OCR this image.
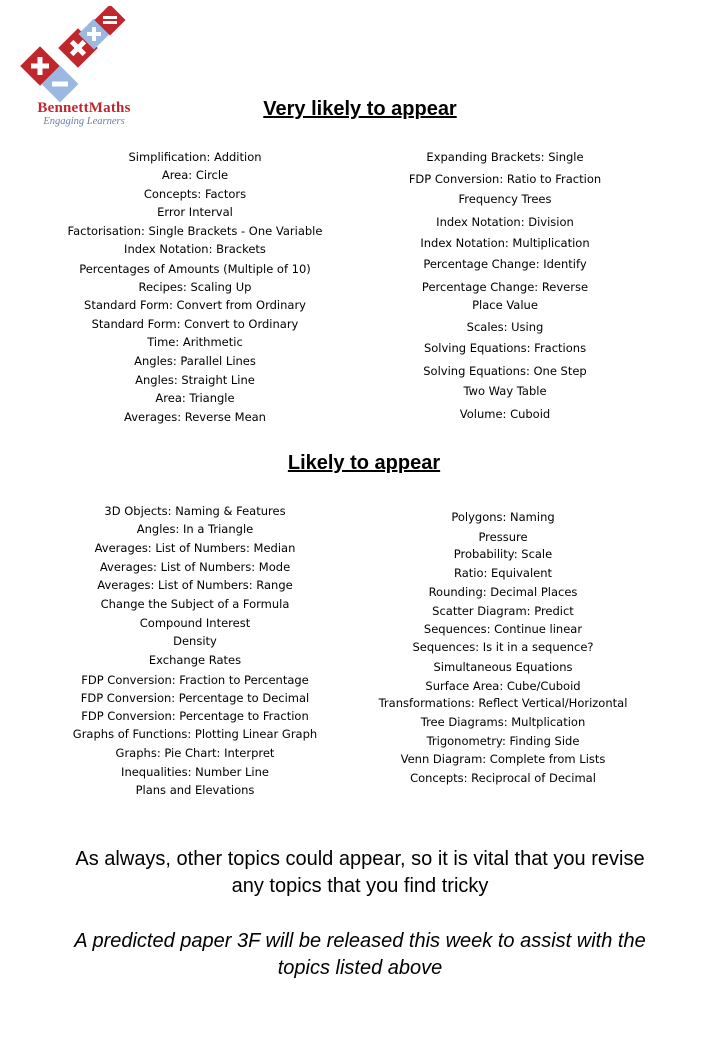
BennettMaths
Engaging Learners
Very likely to appear
Simplification: Addition
Area: Circle
Concepts: Factors
Error Interval
Factorisation: Single Brackets - One Variable
Index Notation: Brackets
Percentages of Amounts (Multiple of 10)
Recipes: Scaling Up
Standard Form: Convert from Ordinary
Standard Form: Convert to Ordinary
Time: Arithmetic
Angles: Parallel Lines
Angles: Straight Line
Area: Triangle
Averages: Reverse Mean
Expanding Brackets: Single
FDP Conversion: Ratio to Fraction
Frequency Trees
Index Notation: Division
Index Notation: Multiplication
Percentage Change: Identify
Percentage Change: Reverse
Place Value
Scales: Using
Solving Equations: Fractions
Solving Equations: One Step
Two Way Table
Volume: Cuboid
Likely to appear
3D Objects: Naming & Features
Angles: In a Triangle
Averages: List of Numbers: Median
Averages: List of Numbers: Mode
Averages: List of Numbers: Range
Change the Subject of a Formula
Compound Interest
Density
Exchange Rates
FDP Conversion: Fraction to Percentage
FDP Conversion: Percentage to Decimal
FDP Conversion: Percentage to Fraction
Graphs of Functions: Plotting Linear Graph
Graphs: Pie Chart: Interpret
Inequalities: Number Line
Plans and Elevations
Polygons: Naming
Pressure
Probability: Scale
Ratio: Equivalent
Rounding: Decimal Places
Scatter Diagram: Predict
Sequences: Continue linear
Sequences: Is it in a sequence?
Simultaneous Equations
Surface Area: Cube/Cuboid
Transformations: Reflect Vertical/Horizontal
Tree Diagrams: Multplication
Trigonometry: Finding Side
Venn Diagram: Complete from Lists
Concepts: Reciprocal of Decimal
As always, other topics could appear, so it is vital that you revise
any topics that you find tricky
A predicted paper 3F will be released this week to assist with the
topics listed above
